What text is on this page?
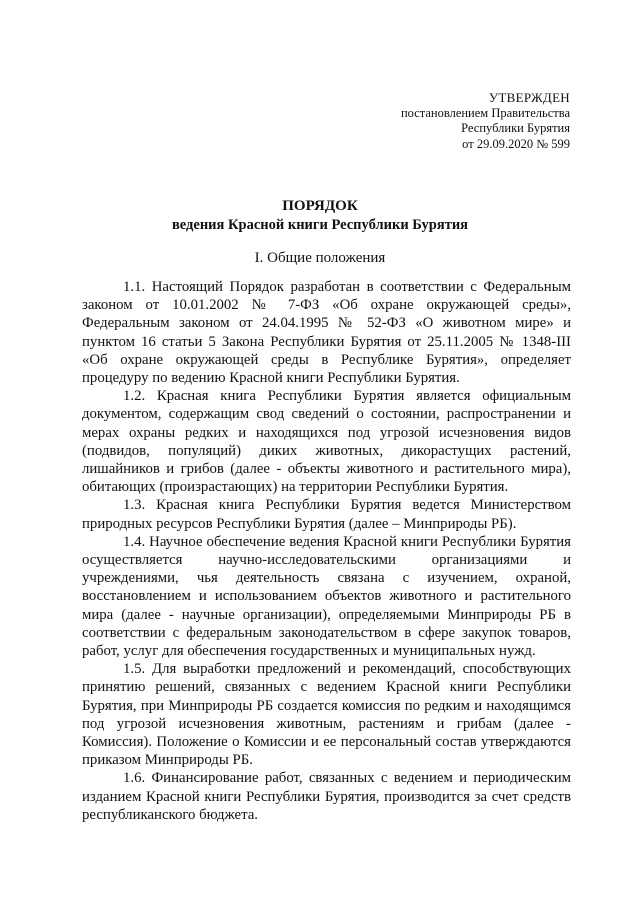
УТВЕРЖДЕН
постановлением Правительства
Республики Бурятия
от 29.09.2020 № 599
ПОРЯДОК
ведения Красной книги Республики Бурятия
I. Общие положения

1.1. Настоящий Порядок разработан в соответствии с Федеральным законом от 10.01.2002 № 7-ФЗ «Об охране окружающей среды», Федеральным законом от 24.04.1995 № 52-ФЗ «О животном мире» и пунктом 16 статьи 5 Закона Республики Бурятия от 25.11.2005 № 1348-III «Об охране окружающей среды в Республике Бурятия», определяет процедуру по ведению Красной книги Республики Бурятия.

1.2. Красная книга Республики Бурятия является официальным документом, содержащим свод сведений о состоянии, распространении и мерах охраны редких и находящихся под угрозой исчезновения видов (подвидов, популяций) диких животных, дикорастущих растений, лишайников и грибов (далее - объекты животного и растительного мира), обитающих (произрастающих) на территории Республики Бурятия.

1.3. Красная книга Республики Бурятия ведется Министерством природных ресурсов Республики Бурятия (далее – Минприроды РБ).

1.4. Научное обеспечение ведения Красной книги Республики Бурятия осуществляется научно-исследовательскими организациями и учреждениями, чья деятельность связана с изучением, охраной, восстановлением и использованием объектов животного и растительного мира (далее - научные организации), определяемыми Минприроды РБ в соответствии с федеральным законодательством в сфере закупок товаров, работ, услуг для обеспечения государственных и муниципальных нужд.

1.5. Для выработки предложений и рекомендаций, способствующих принятию решений, связанных с ведением Красной книги Республики Бурятия, при Минприроды РБ создается комиссия по редким и находящимся под угрозой исчезновения животным, растениям и грибам (далее - Комиссия). Положение о Комиссии и ее персональный состав утверждаются приказом Минприроды РБ.

1.6. Финансирование работ, связанных с ведением и периодическим изданием Красной книги Республики Бурятия, производится за счет средств республиканского бюджета.
